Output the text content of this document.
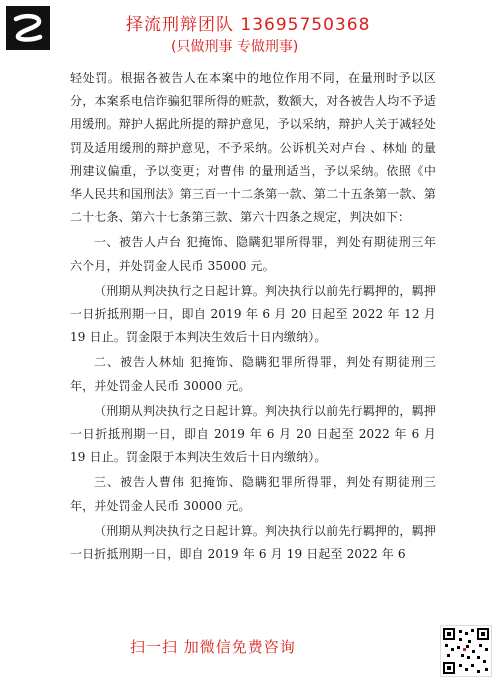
择流刑辩团队 13695750368
(只做刑事 专做刑事)

轻处罚。根据各被告人在本案中的地位作用不同，在量刑时予以区分，本案系电信诈骗犯罪所得的赃款，数额大，对各被告人均不予适用缓刑。辩护人据此所提的辩护意见，予以采纳，辩护人关于减轻处罚及适用缓刑的辩护意见，不予采纳。公诉机关对卢台 、林灿 的量刑建议偏重，予以变更；对曹伟 的量刑适当，予以采纳。依照《中华人民共和国刑法》第三百一十二条第一款、第二十五条第一款、第二十七条、第六十七条第三款、第六十四条之规定，判决如下：

一、被告人卢台 犯掩饰、隐瞒犯罪所得罪，判处有期徒刑三年六个月，并处罚金人民币 35000 元。

（刑期从判决执行之日起计算。判决执行以前先行羁押的，羁押一日折抵刑期一日，即自 2019 年 6 月 20 日起至 2022 年 12 月 19 日止。罚金限于本判决生效后十日内缴纳）。

二、被告人林灿 犯掩饰、隐瞒犯罪所得罪，判处有期徒刑三年，并处罚金人民币 30000 元。

（刑期从判决执行之日起计算。判决执行以前先行羁押的，羁押一日折抵刑期一日，即自 2019 年 6 月 20 日起至 2022 年 6 月 19 日止。罚金限于本判决生效后十日内缴纳）。

三、被告人曹伟 犯掩饰、隐瞒犯罪所得罪，判处有期徒刑三年，并处罚金人民币 30000 元。

（刑期从判决执行之日起计算。判决执行以前先行羁押的，羁押一日折抵刑期一日，即自 2019 年 6 月 19 日起至 2022 年 6

扫一扫 加微信免费咨询
